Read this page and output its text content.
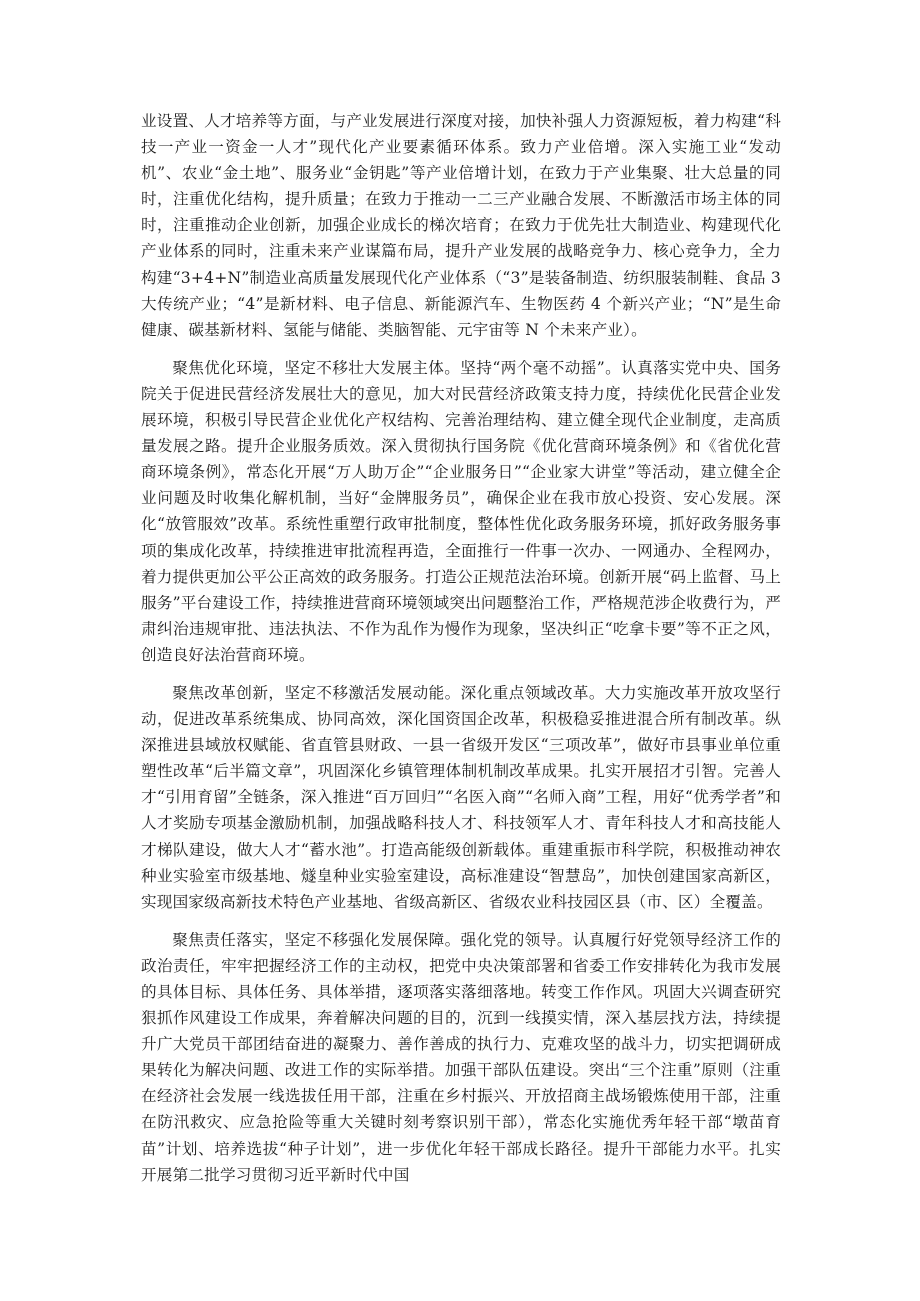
业设置、人才培养等方面，与产业发展进行深度对接，加快补强人力资源短板，着力构建“科技一产业一资金一人才”现代化产业要素循环体系。致力产业倍增。深入实施工业“发动机”、农业“金土地”、服务业“金钥匙”等产业倍增计划，在致力于产业集聚、壮大总量的同时，注重优化结构，提升质量；在致力于推动一二三产业融合发展、不断激活市场主体的同时，注重推动企业创新，加强企业成长的梯次培育；在致力于优先壮大制造业、构建现代化产业体系的同时，注重未来产业谋篇布局，提升产业发展的战略竞争力、核心竞争力，全力构建“3+4+N”制造业高质量发展现代化产业体系（“3”是装备制造、纺织服装制鞋、食品 3 大传统产业；“4”是新材料、电子信息、新能源汽车、生物医药 4 个新兴产业；“N”是生命健康、碳基新材料、氢能与储能、类脑智能、元宇宙等 N 个未来产业）。

聚焦优化环境，坚定不移壮大发展主体。坚持“两个毫不动摇”。认真落实党中央、国务院关于促进民营经济发展壮大的意见，加大对民营经济政策支持力度，持续优化民营企业发展环境，积极引导民营企业优化产权结构、完善治理结构、建立健全现代企业制度，走高质量发展之路。提升企业服务质效。深入贯彻执行国务院《优化营商环境条例》和《省优化营商环境条例》，常态化开展“万人助万企”“企业服务日”“企业家大讲堂”等活动，建立健全企业问题及时收集化解机制，当好“金牌服务员”，确保企业在我市放心投资、安心发展。深化“放管服效”改革。系统性重塑行政审批制度，整体性优化政务服务环境，抓好政务服务事项的集成化改革，持续推进审批流程再造，全面推行一件事一次办、一网通办、全程网办，着力提供更加公平公正高效的政务服务。打造公正规范法治环境。创新开展“码上监督、马上服务”平台建设工作，持续推进营商环境领域突出问题整治工作，严格规范涉企收费行为，严肃纠治违规审批、违法执法、不作为乱作为慢作为现象，坚决纠正“吃拿卡要”等不正之风，创造良好法治营商环境。

聚焦改革创新，坚定不移激活发展动能。深化重点领域改革。大力实施改革开放攻坚行动，促进改革系统集成、协同高效，深化国资国企改革，积极稳妥推进混合所有制改革。纵深推进县域放权赋能、省直管县财政、一县一省级开发区“三项改革”，做好市县事业单位重塑性改革“后半篇文章”，巩固深化乡镇管理体制机制改革成果。扎实开展招才引智。完善人才“引用育留”全链条，深入推进“百万回归”“名医入商”“名师入商”工程，用好“优秀学者”和人才奖励专项基金激励机制，加强战略科技人才、科技领军人才、青年科技人才和高技能人才梯队建设，做大人才“蓄水池”。打造高能级创新载体。重建重振市科学院，积极推动神农种业实验室市级基地、燧皇种业实验室建设，高标准建设“智慧岛”，加快创建国家高新区，实现国家级高新技术特色产业基地、省级高新区、省级农业科技园区县（市、区）全覆盖。

聚焦责任落实，坚定不移强化发展保障。强化党的领导。认真履行好党领导经济工作的政治责任，牢牢把握经济工作的主动权，把党中央决策部署和省委工作安排转化为我市发展的具体目标、具体任务、具体举措，逐项落实落细落地。转变工作作风。巩固大兴调查研究狠抓作风建设工作成果，奔着解决问题的目的，沉到一线摸实情，深入基层找方法，持续提升广大党员干部团结奋进的凝聚力、善作善成的执行力、克难攻坚的战斗力，切实把调研成果转化为解决问题、改进工作的实际举措。加强干部队伍建设。突出“三个注重”原则（注重在经济社会发展一线选拔任用干部，注重在乡村振兴、开放招商主战场锻炼使用干部，注重在防汛救灾、应急抢险等重大关键时刻考察识别干部），常态化实施优秀年轻干部“墩苗育苗”计划、培养选拔“种子计划”，进一步优化年轻干部成长路径。提升干部能力水平。扎实开展第二批学习贯彻习近平新时代中国
